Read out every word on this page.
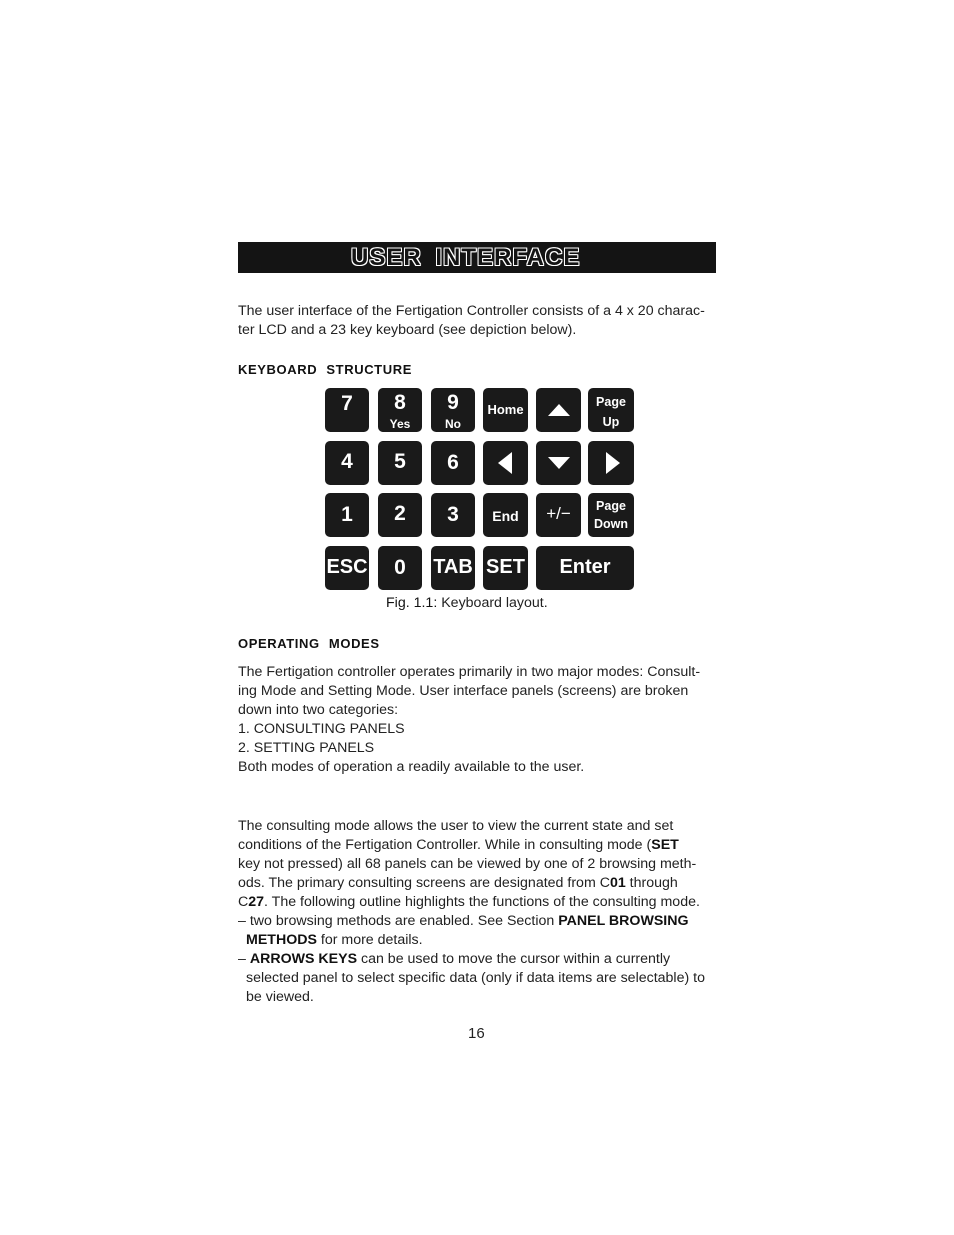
USER INTERFACE
The user interface of the Fertigation Controller consists of a 4 x 20 charac-
ter LCD and a 23 key keyboard (see depiction below).
KEYBOARD STRUCTURE
7	8
Yes
9
No
Home	Page
Up
4	5	6
1	2	3	End	+/−	Page
Down
ESC	0	TAB SET	Enter
Fig. 1.1: Keyboard layout.
OPERATING MODES
The Fertigation controller operates primarily in two major modes: Consult-
ing Mode and Setting Mode. User interface panels (screens) are broken
down into two categories:
1. CONSULTING PANELS
2. SETTING PANELS
Both modes of operation a readily available to the user.
The consulting mode allows the user to view the current state and set
conditions of the Fertigation Controller. While in consulting mode (SET
key not pressed) all 68 panels can be viewed by one of 2 browsing meth-
ods. The primary consulting screens are designated from C01 through
C27. The following outline highlights the functions of the consulting mode.
– two browsing methods are enabled. See Section PANEL BROWSING
METHODS for more details.
– ARROWS KEYS can be used to move the cursor within a currently
selected panel to select specific data (only if data items are selectable) to
be viewed.
16
